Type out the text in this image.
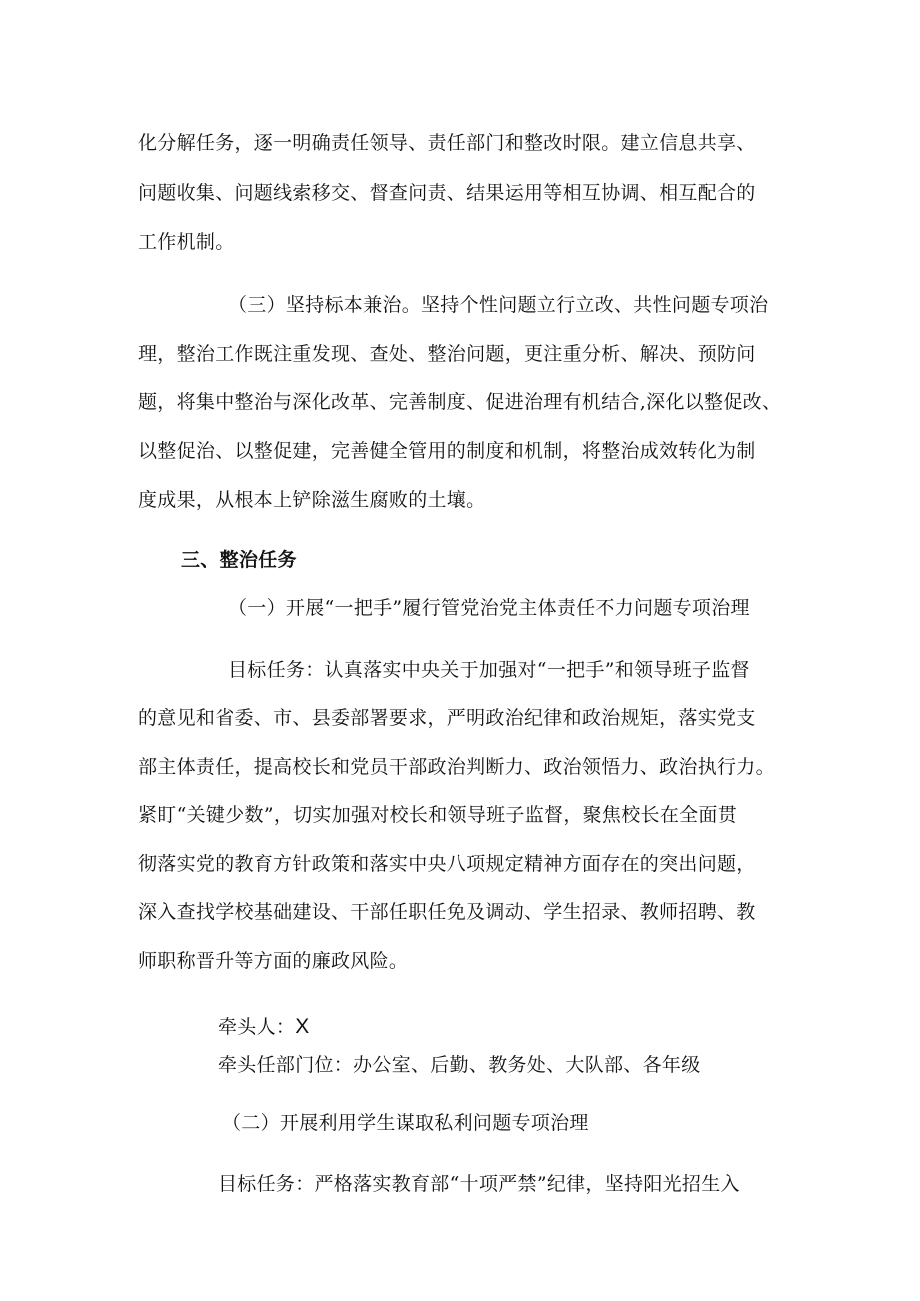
化分解任务，逐一明确责任领导、责任部门和整改时限。建立信息共享、
问题收集、问题线索移交、督查问责、结果运用等相互协调、相互配合的
工作机制。
（三）坚持标本兼治。坚持个性问题立行立改、共性问题专项治
理，整治工作既注重发现、查处、整治问题，更注重分析、解决、预防问
题，将集中整治与深化改革、完善制度、促进治理有机结合,深化以整促改、
以整促治、以整促建，完善健全管用的制度和机制，将整治成效转化为制
度成果，从根本上铲除滋生腐败的土壤。
三、整治任务
（一）开展“一把手”履行管党治党主体责任不力问题专项治理
目标任务：认真落实中央关于加强对“一把手”和领导班子监督
的意见和省委、市、县委部署要求，严明政治纪律和政治规矩，落实党支
部主体责任，提高校长和党员干部政治判断力、政治领悟力、政治执行力。
紧盯“关键少数”，切实加强对校长和领导班子监督，聚焦校长在全面贯
彻落实党的教育方针政策和落实中央八项规定精神方面存在的突出问题，
深入查找学校基础建设、干部任职任免及调动、学生招录、教师招聘、教
师职称晋升等方面的廉政风险。
牵头人：X
牵头任部门位：办公室、后勤、教务处、大队部、各年级
（二）开展利用学生谋取私利问题专项治理
目标任务：严格落实教育部“十项严禁”纪律，坚持阳光招生入
